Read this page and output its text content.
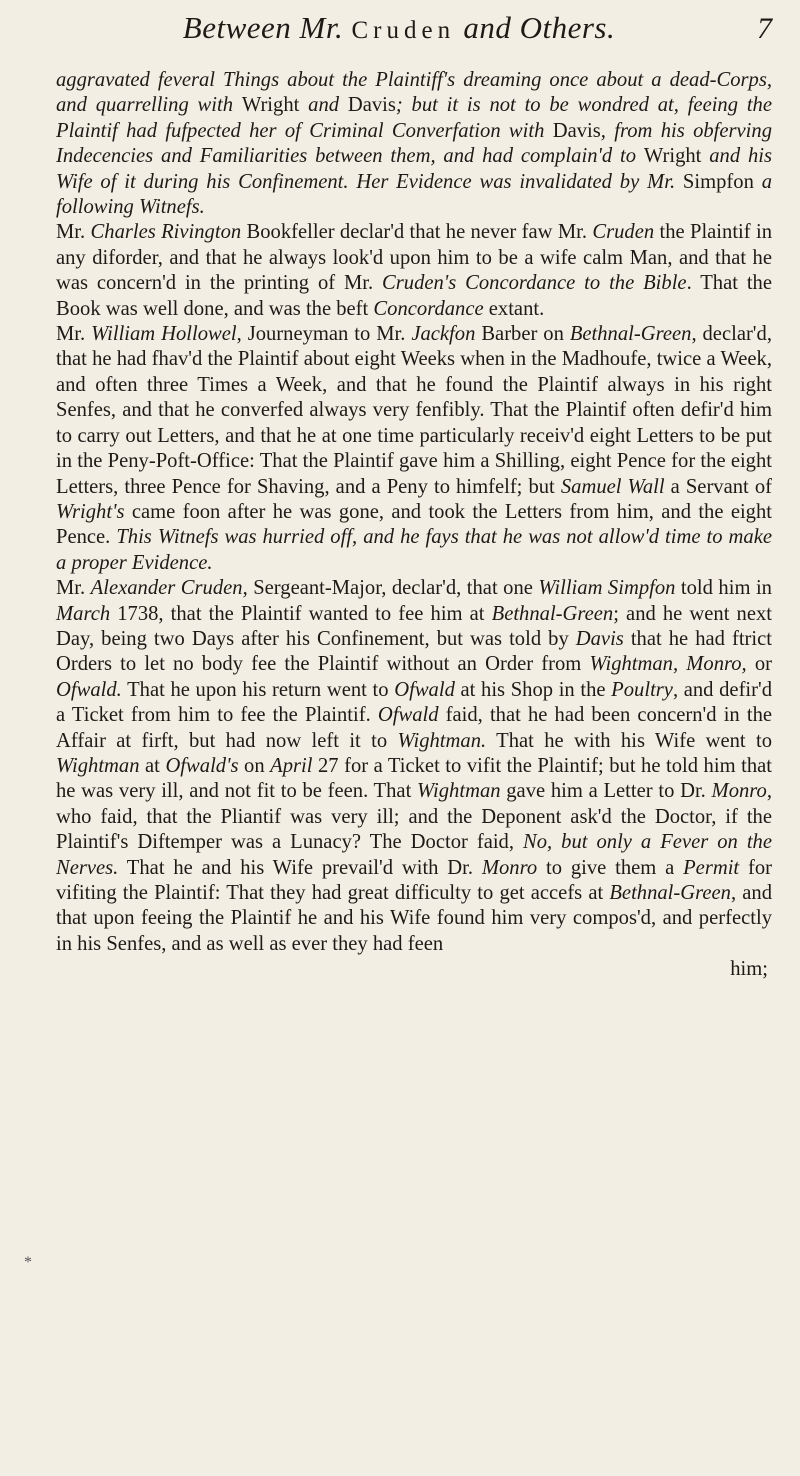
Between Mr. Cruden and Others.	7

aggravated feveral Things about the Plaintiff's dreaming once about a dead-Corps, and quarrelling with Wright and Davis; but it is not to be wondred at, feeing the Plaintif had fufpected her of Criminal Converfation with Davis, from his obferving Indecencies and Familiarities between them, and had complain'd to Wright and his Wife of it during his Confinement. Her Evidence was invalidated by Mr. Simpfon a following Witnefs.

Mr. Charles Rivington Bookfeller declar'd that he never faw Mr. Cruden the Plaintif in any diforder, and that he always look'd upon him to be a wife calm Man, and that he was concern'd in the printing of Mr. Cruden's Concordance to the Bible. That the Book was well done, and was the beft Concordance extant.

Mr. William Hollowel, Journeyman to Mr. Jackfon Barber on Bethnal-Green, declar'd, that he had fhav'd the Plaintif about eight Weeks when in the Madhoufe, twice a Week, and often three Times a Week, and that he found the Plaintif always in his right Senfes, and that he converfed always very fenfibly. That the Plaintif often defir'd him to carry out Letters, and that he at one time particularly receiv'd eight Letters to be put in the Peny-Poft-Office: That the Plaintif gave him a Shilling, eight Pence for the eight Letters, three Pence for Shaving, and a Peny to himfelf; but Samuel Wall a Servant of Wright's came foon after he was gone, and took the Letters from him, and the eight Pence. This Witnefs was hurried off, and he fays that he was not allow'd time to make a proper Evidence.

Mr. Alexander Cruden, Sergeant-Major, declar'd, that one William Simpfon told him in March 1738, that the Plaintif wanted to fee him at Bethnal-Green; and he went next Day, being two Days after his Confinement, but was told by Davis that he had ftrict Orders to let no body fee the Plaintif without an Order from Wightman, Monro, or Ofwald. That he upon his return went to Ofwald at his Shop in the Poultry, and defir'd a Ticket from him to fee the Plaintif. Ofwald faid, that he had been concern'd in the Affair at firft, but had now left it to Wightman. That he with his Wife went to Wightman at Ofwald's on April 27 for a Ticket to vifit the Plaintif; but he told him that he was very ill, and not fit to be feen. That Wightman gave him a Letter to Dr. Monro, who faid, that the Pliantif was very ill; and the Deponent ask'd the Doctor, if the Plaintif's Diftemper was a Lunacy? The Doctor faid, No, but only a Fever on the Nerves. That he and his Wife prevail'd with Dr. Monro to give them a Permit for vifiting the Plaintif: That they had great difficulty to get accefs at Bethnal-Green, and that upon feeing the Plaintif he and his Wife found him very compos'd, and perfectly in his Senfes, and as well as ever they had feen

him;
*
